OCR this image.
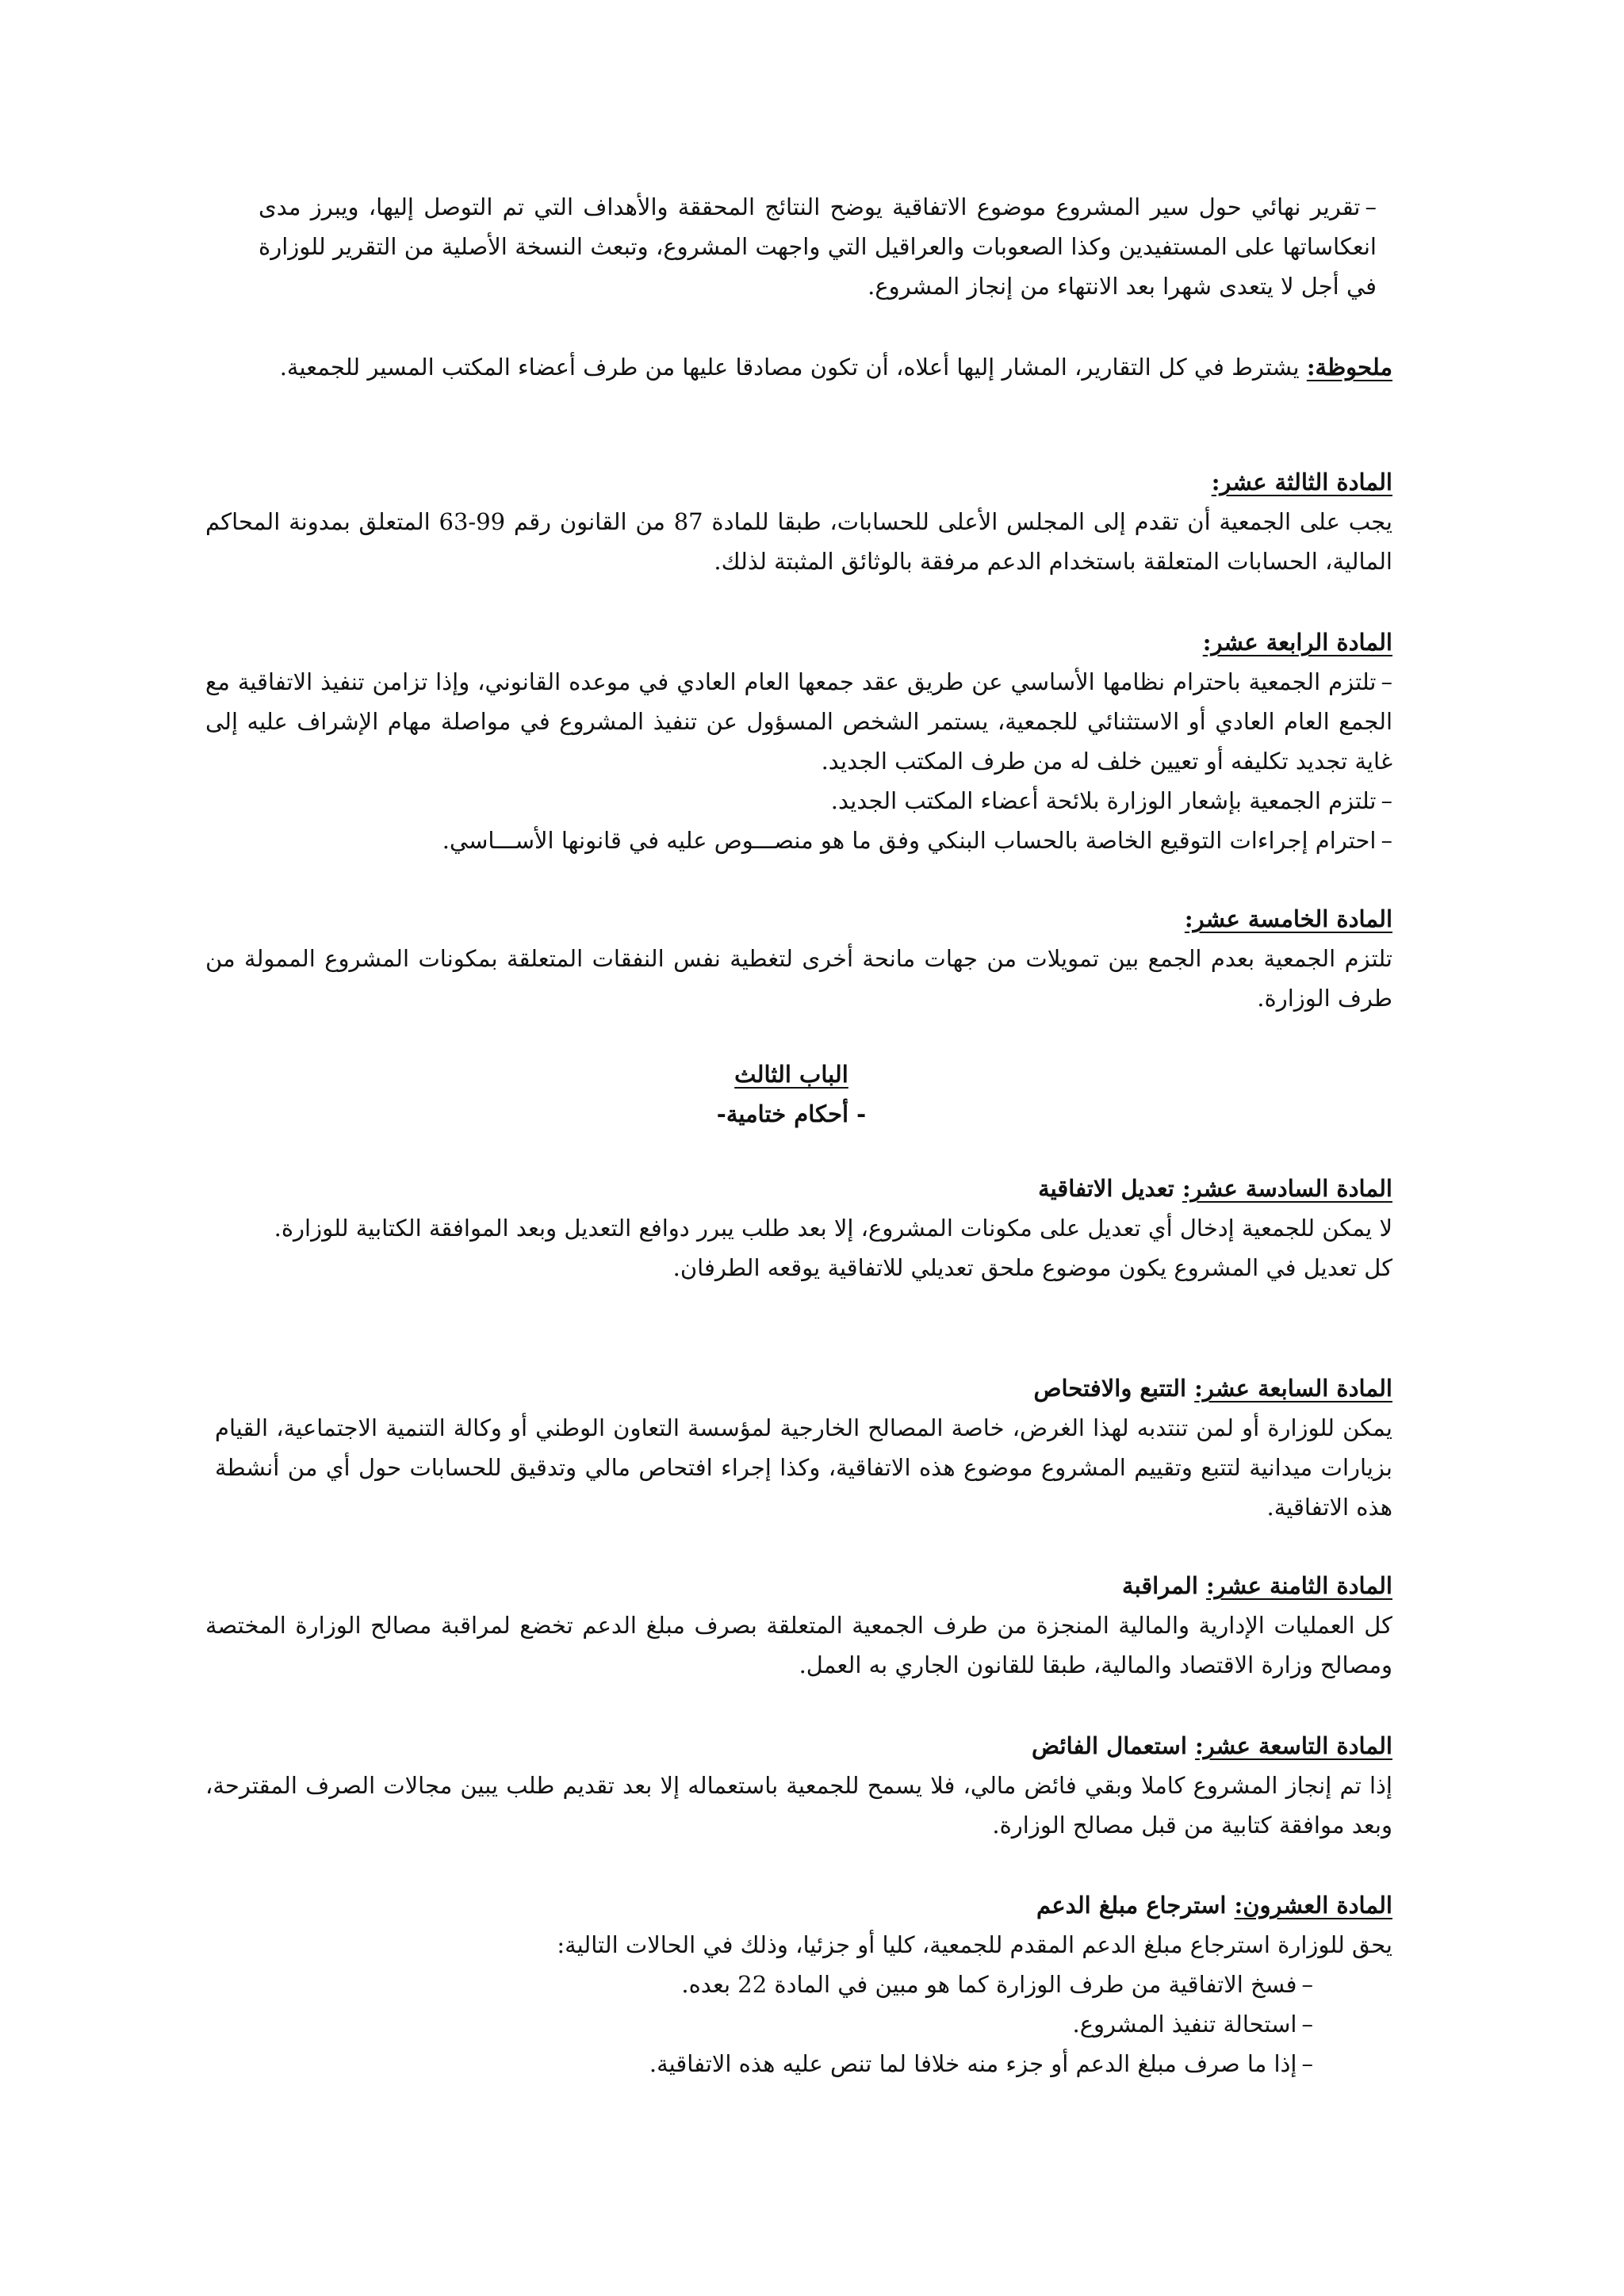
–تقرير نهائي حول سير المشروع موضوع الاتفاقية يوضح النتائج المحققة والأهداف التي تم التوصل إليها، ويبرز مدى انعكاساتها على المستفيدين وكذا الصعوبات والعراقيل التي واجهت المشروع، وتبعث النسخة الأصلية من التقرير للوزارة في أجل لا يتعدى شهرا بعد الانتهاء من إنجاز المشروع.
ملحوظة: يشترط في كل التقارير، المشار إليها أعلاه، أن تكون مصادقا عليها من طرف أعضاء المكتب المسير للجمعية.

المادة الثالثة عشر:

يجب على الجمعية أن تقدم إلى المجلس الأعلى للحسابات، طبقا للمادة 87 من القانون رقم 99-63 المتعلق بمدونة المحاكم المالية، الحسابات المتعلقة باستخدام الدعم مرفقة بالوثائق المثبتة لذلك.

المادة الرابعة عشر:

–تلتزم الجمعية باحترام نظامها الأساسي عن طريق عقد جمعها العام العادي في موعده القانوني، وإذا تزامن تنفيذ الاتفاقية مع الجمع العام العادي أو الاستثنائي للجمعية، يستمر الشخص المسؤول عن تنفيذ المشروع في مواصلة مهام الإشراف عليه إلى غاية تجديد تكليفه أو تعيين خلف له من طرف المكتب الجديد.

–تلتزم الجمعية بإشعار الوزارة بلائحة أعضاء المكتب الجديد.

–احترام إجراءات التوقيع الخاصة بالحساب البنكي وفق ما هو منصـــوص عليه في قانونها الأســـاسي.

المادة الخامسة عشر:

تلتزم الجمعية بعدم الجمع بين تمويلات من جهات مانحة أخرى لتغطية نفس النفقات المتعلقة بمكونات المشروع الممولة من طرف الوزارة.

الباب الثالث

- أحكام ختامية-

المادة السادسة عشر: تعديل الاتفاقية

لا يمكن للجمعية إدخال أي تعديل على مكونات المشروع، إلا بعد طلب يبرر دوافع التعديل وبعد الموافقة الكتابية للوزارة.

كل تعديل في المشروع يكون موضوع ملحق تعديلي للاتفاقية يوقعه الطرفان.

المادة السابعة عشر: التتبع والافتحاص

يمكن للوزارة أو لمن تنتدبه لهذا الغرض، خاصة المصالح الخارجية لمؤسسة التعاون الوطني أو وكالة التنمية الاجتماعية، القيام بزيارات ميدانية لتتبع وتقييم المشروع موضوع هذه الاتفاقية، وكذا إجراء افتحاص مالي وتدقيق للحسابات حول أي من أنشطة هذه الاتفاقية.

المادة الثامنة عشر: المراقبة

كل العمليات الإدارية والمالية المنجزة من طرف الجمعية المتعلقة بصرف مبلغ الدعم تخضع لمراقبة مصالح الوزارة المختصة ومصالح وزارة الاقتصاد والمالية، طبقا للقانون الجاري به العمل.

المادة التاسعة عشر: استعمال الفائض

إذا تم إنجاز المشروع كاملا وبقي فائض مالي، فلا يسمح للجمعية باستعماله إلا بعد تقديم طلب يبين مجالات الصرف المقترحة، وبعد موافقة كتابية من قبل مصالح الوزارة.

المادة العشرون: استرجاع مبلغ الدعم

يحق للوزارة استرجاع مبلغ الدعم المقدم للجمعية، كليا أو جزئيا، وذلك في الحالات التالية:

–فسخ الاتفاقية من طرف الوزارة كما هو مبين في المادة 22 بعده.

–استحالة تنفيذ المشروع.

–إذا ما صرف مبلغ الدعم أو جزء منه خلافا لما تنص عليه هذه الاتفاقية.
